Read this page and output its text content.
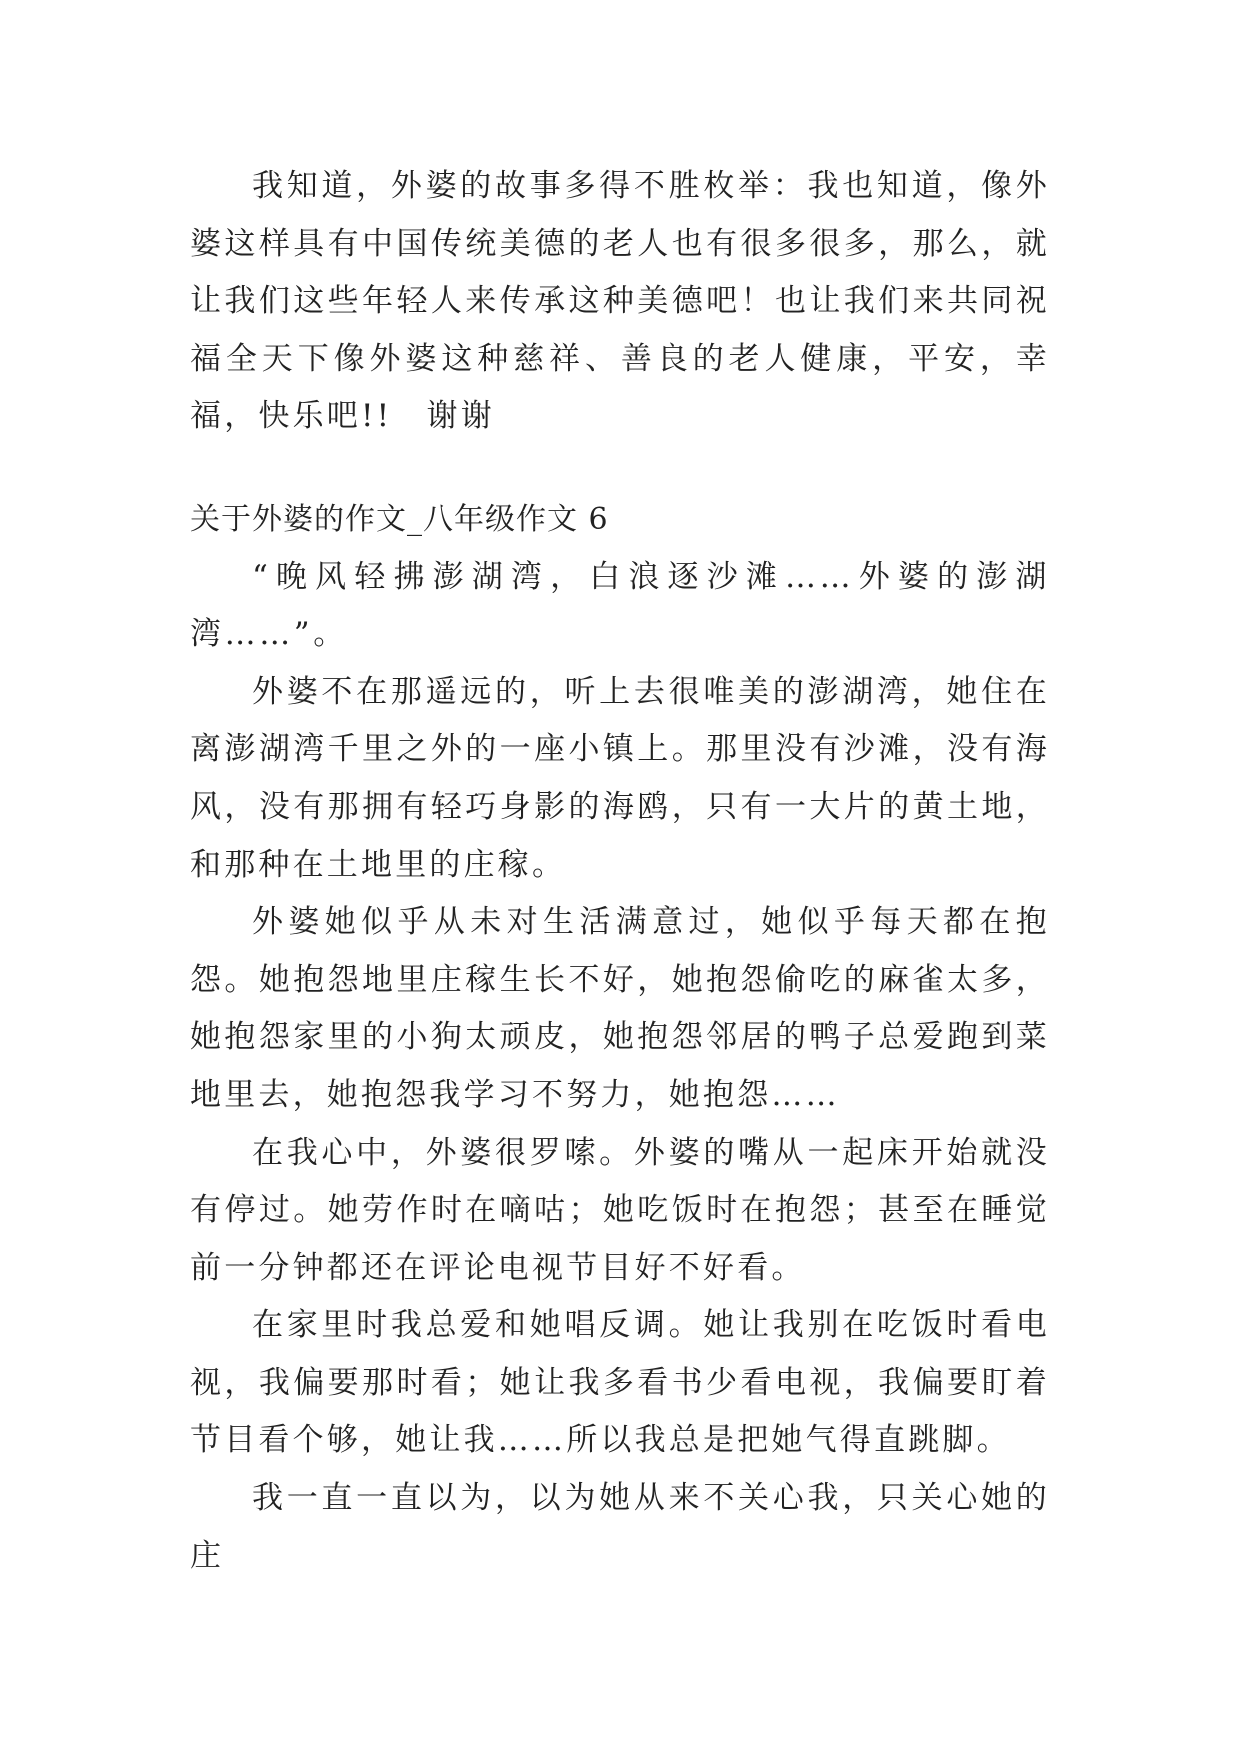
我知道，外婆的故事多得不胜枚举：我也知道，像外婆这样具有中国传统美德的老人也有很多很多，那么，就让我们这些年轻人来传承这种美德吧！也让我们来共同祝福全天下像外婆这种慈祥、善良的老人健康，平安，幸福，快乐吧!!　谢谢

关于外婆的作文_八年级作文 6

“晚风轻拂澎湖湾，白浪逐沙滩……外婆的澎湖湾……”。

外婆不在那遥远的，听上去很唯美的澎湖湾，她住在离澎湖湾千里之外的一座小镇上。那里没有沙滩，没有海风，没有那拥有轻巧身影的海鸥，只有一大片的黄土地，和那种在土地里的庄稼。

外婆她似乎从未对生活满意过，她似乎每天都在抱怨。她抱怨地里庄稼生长不好，她抱怨偷吃的麻雀太多，她抱怨家里的小狗太顽皮，她抱怨邻居的鸭子总爱跑到菜地里去，她抱怨我学习不努力，她抱怨……

在我心中，外婆很罗嗦。外婆的嘴从一起床开始就没有停过。她劳作时在嘀咕；她吃饭时在抱怨；甚至在睡觉前一分钟都还在评论电视节目好不好看。

在家里时我总爱和她唱反调。她让我别在吃饭时看电视，我偏要那时看；她让我多看书少看电视，我偏要盯着节目看个够，她让我……所以我总是把她气得直跳脚。

我一直一直以为，以为她从来不关心我，只关心她的庄
